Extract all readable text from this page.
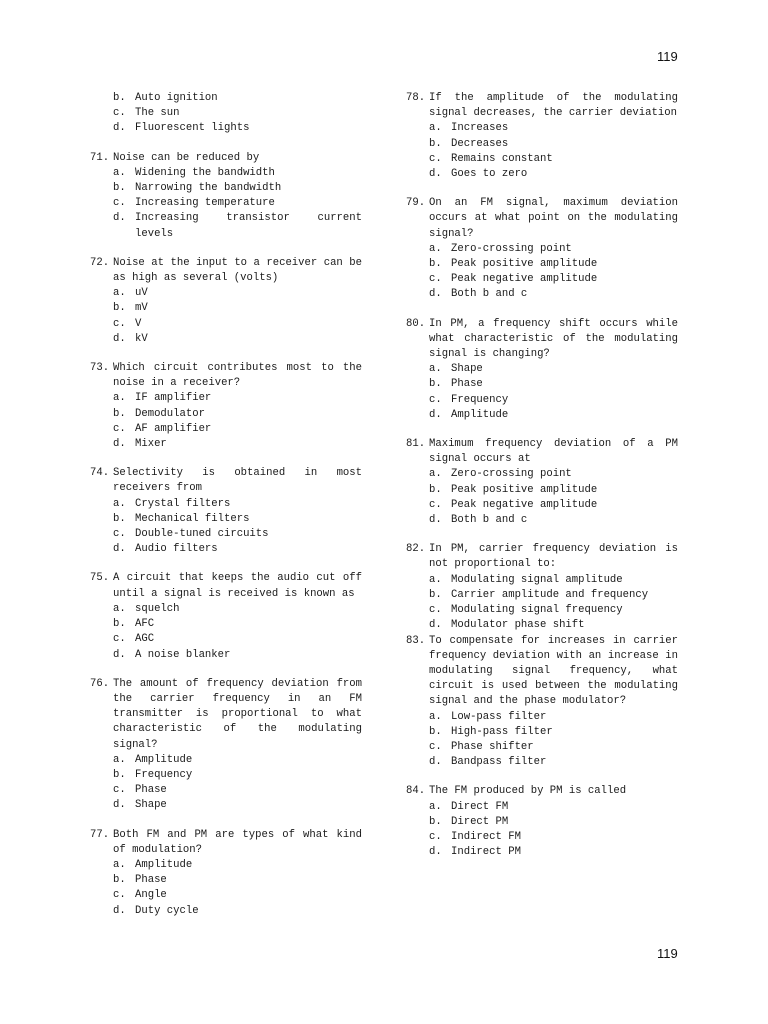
119
b. Auto ignition
c. The sun
d. Fluorescent lights
71. Noise can be reduced by
a. Widening the bandwidth
b. Narrowing the bandwidth
c. Increasing temperature
d. Increasing transistor current levels
72. Noise at the input to a receiver can be as high as several (volts)
a. uV
b. mV
c. V
d. kV
73. Which circuit contributes most to the noise in a receiver?
a. IF amplifier
b. Demodulator
c. AF amplifier
d. Mixer
74. Selectivity is obtained in most receivers from
a. Crystal filters
b. Mechanical filters
c. Double-tuned circuits
d. Audio filters
75. A circuit that keeps the audio cut off until a signal is received is known as
a. squelch
b. AFC
c. AGC
d. A noise blanker
76. The amount of frequency deviation from the carrier frequency in an FM transmitter is proportional to what characteristic of the modulating signal?
a. Amplitude
b. Frequency
c. Phase
d. Shape
77. Both FM and PM are types of what kind of modulation?
a. Amplitude
b. Phase
c. Angle
d. Duty cycle
78. If the amplitude of the modulating signal decreases, the carrier deviation
a. Increases
b. Decreases
c. Remains constant
d. Goes to zero
79. On an FM signal, maximum deviation occurs at what point on the modulating signal?
a. Zero-crossing point
b. Peak positive amplitude
c. Peak negative amplitude
d. Both b and c
80. In PM, a frequency shift occurs while what characteristic of the modulating signal is changing?
a. Shape
b. Phase
c. Frequency
d. Amplitude
81. Maximum frequency deviation of a PM signal occurs at
a. Zero-crossing point
b. Peak positive amplitude
c. Peak negative amplitude
d. Both b and c
82. In PM, carrier frequency deviation is not proportional to:
a. Modulating signal amplitude
b. Carrier amplitude and frequency
c. Modulating signal frequency
d. Modulator phase shift
83. To compensate for increases in carrier frequency deviation with an increase in modulating signal frequency, what circuit is used between the modulating signal and the phase modulator?
a. Low-pass filter
b. High-pass filter
c. Phase shifter
d. Bandpass filter
84. The FM produced by PM is called
a. Direct FM
b. Direct PM
c. Indirect FM
d. Indirect PM
119
